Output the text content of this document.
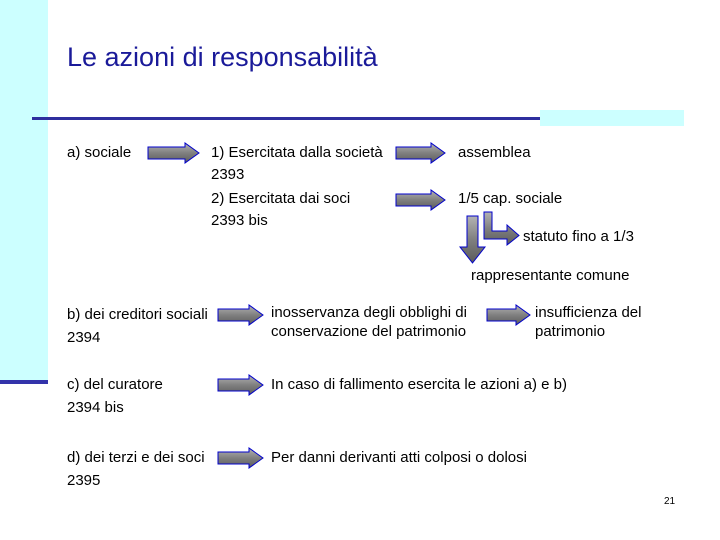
Le azioni di responsabilità
a) sociale	1) Esercitata dalla società
2393
2) Esercitata dai soci
2393 bis
assemblea
1/5 cap. sociale
statuto fino a 1/3
rappresentante comune
b) dei creditori sociali
2394
inosservanza degli obblighi di
conservazione del patrimonio
insufficienza del
patrimonio
c) del curatore
2394 bis
In caso di fallimento esercita le azioni a) e b)
d) dei terzi e dei soci
2395
Per danni derivanti atti colposi o dolosi
21
